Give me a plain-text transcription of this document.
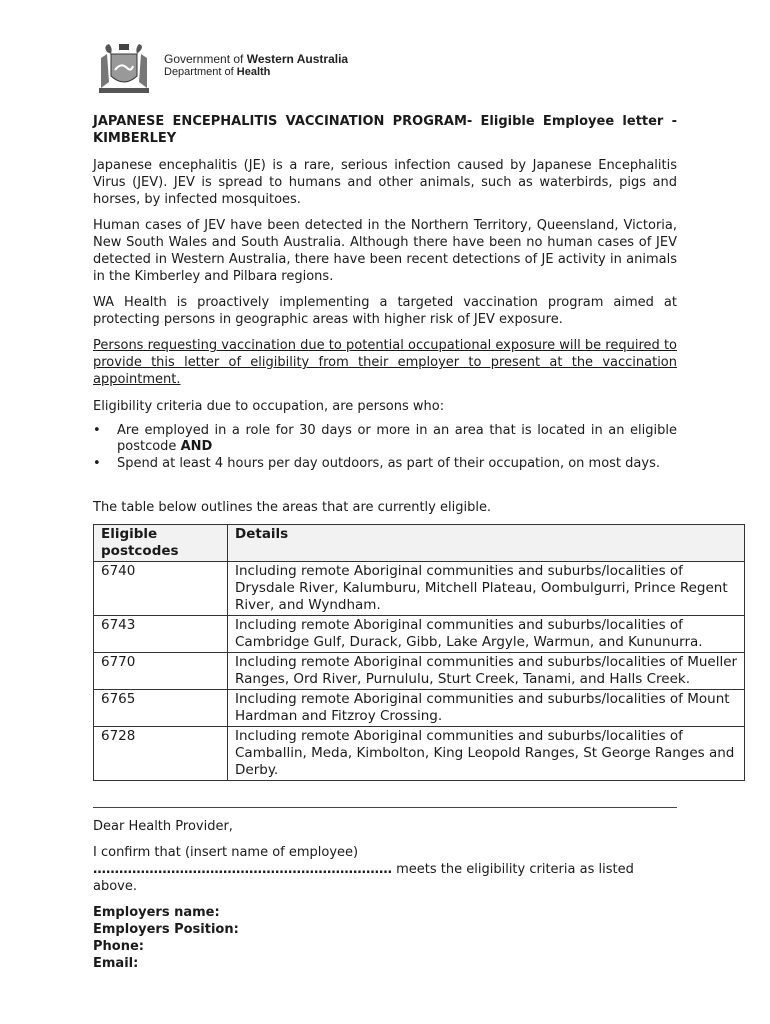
Government of Western Australia
Department of Health
JAPANESE ENCEPHALITIS VACCINATION PROGRAM- Eligible Employee letter -KIMBERLEY

Japanese encephalitis (JE) is a rare, serious infection caused by Japanese Encephalitis Virus (JEV). JEV is spread to humans and other animals, such as waterbirds, pigs and horses, by infected mosquitoes.

Human cases of JEV have been detected in the Northern Territory, Queensland, Victoria, New South Wales and South Australia. Although there have been no human cases of JEV detected in Western Australia, there have been recent detections of JE activity in animals in the Kimberley and Pilbara regions.

WA Health is proactively implementing a targeted vaccination program aimed at protecting persons in geographic areas with higher risk of JEV exposure.

Persons requesting vaccination due to potential occupational exposure will be required to provide this letter of eligibility from their employer to present at the vaccination appointment.

Eligibility criteria due to occupation, are persons who:

• Are employed in a role for 30 days or more in an area that is located in an eligible postcode AND
• Spend at least 4 hours per day outdoors, as part of their occupation, on most days.

The table below outlines the areas that are currently eligible.

Eligible postcodes	Details
6740	Including remote Aboriginal communities and suburbs/localities of Drysdale River, Kalumburu, Mitchell Plateau, Oombulgurri, Prince Regent River, and Wyndham.
6743	Including remote Aboriginal communities and suburbs/localities of Cambridge Gulf, Durack, Gibb, Lake Argyle, Warmun, and Kununurra.
6770	Including remote Aboriginal communities and suburbs/localities of Mueller Ranges, Ord River, Purnululu, Sturt Creek, Tanami, and Halls Creek.
6765	Including remote Aboriginal communities and suburbs/localities of Mount Hardman and Fitzroy Crossing.
6728	Including remote Aboriginal communities and suburbs/localities of Camballin, Meda, Kimbolton, King Leopold Ranges, St George Ranges and Derby.

Dear Health Provider,

I confirm that (insert name of employee)

…………………………………………………………… meets the eligibility criteria as listed above.

Employers name:
Employers Position:
Phone:
Email:
